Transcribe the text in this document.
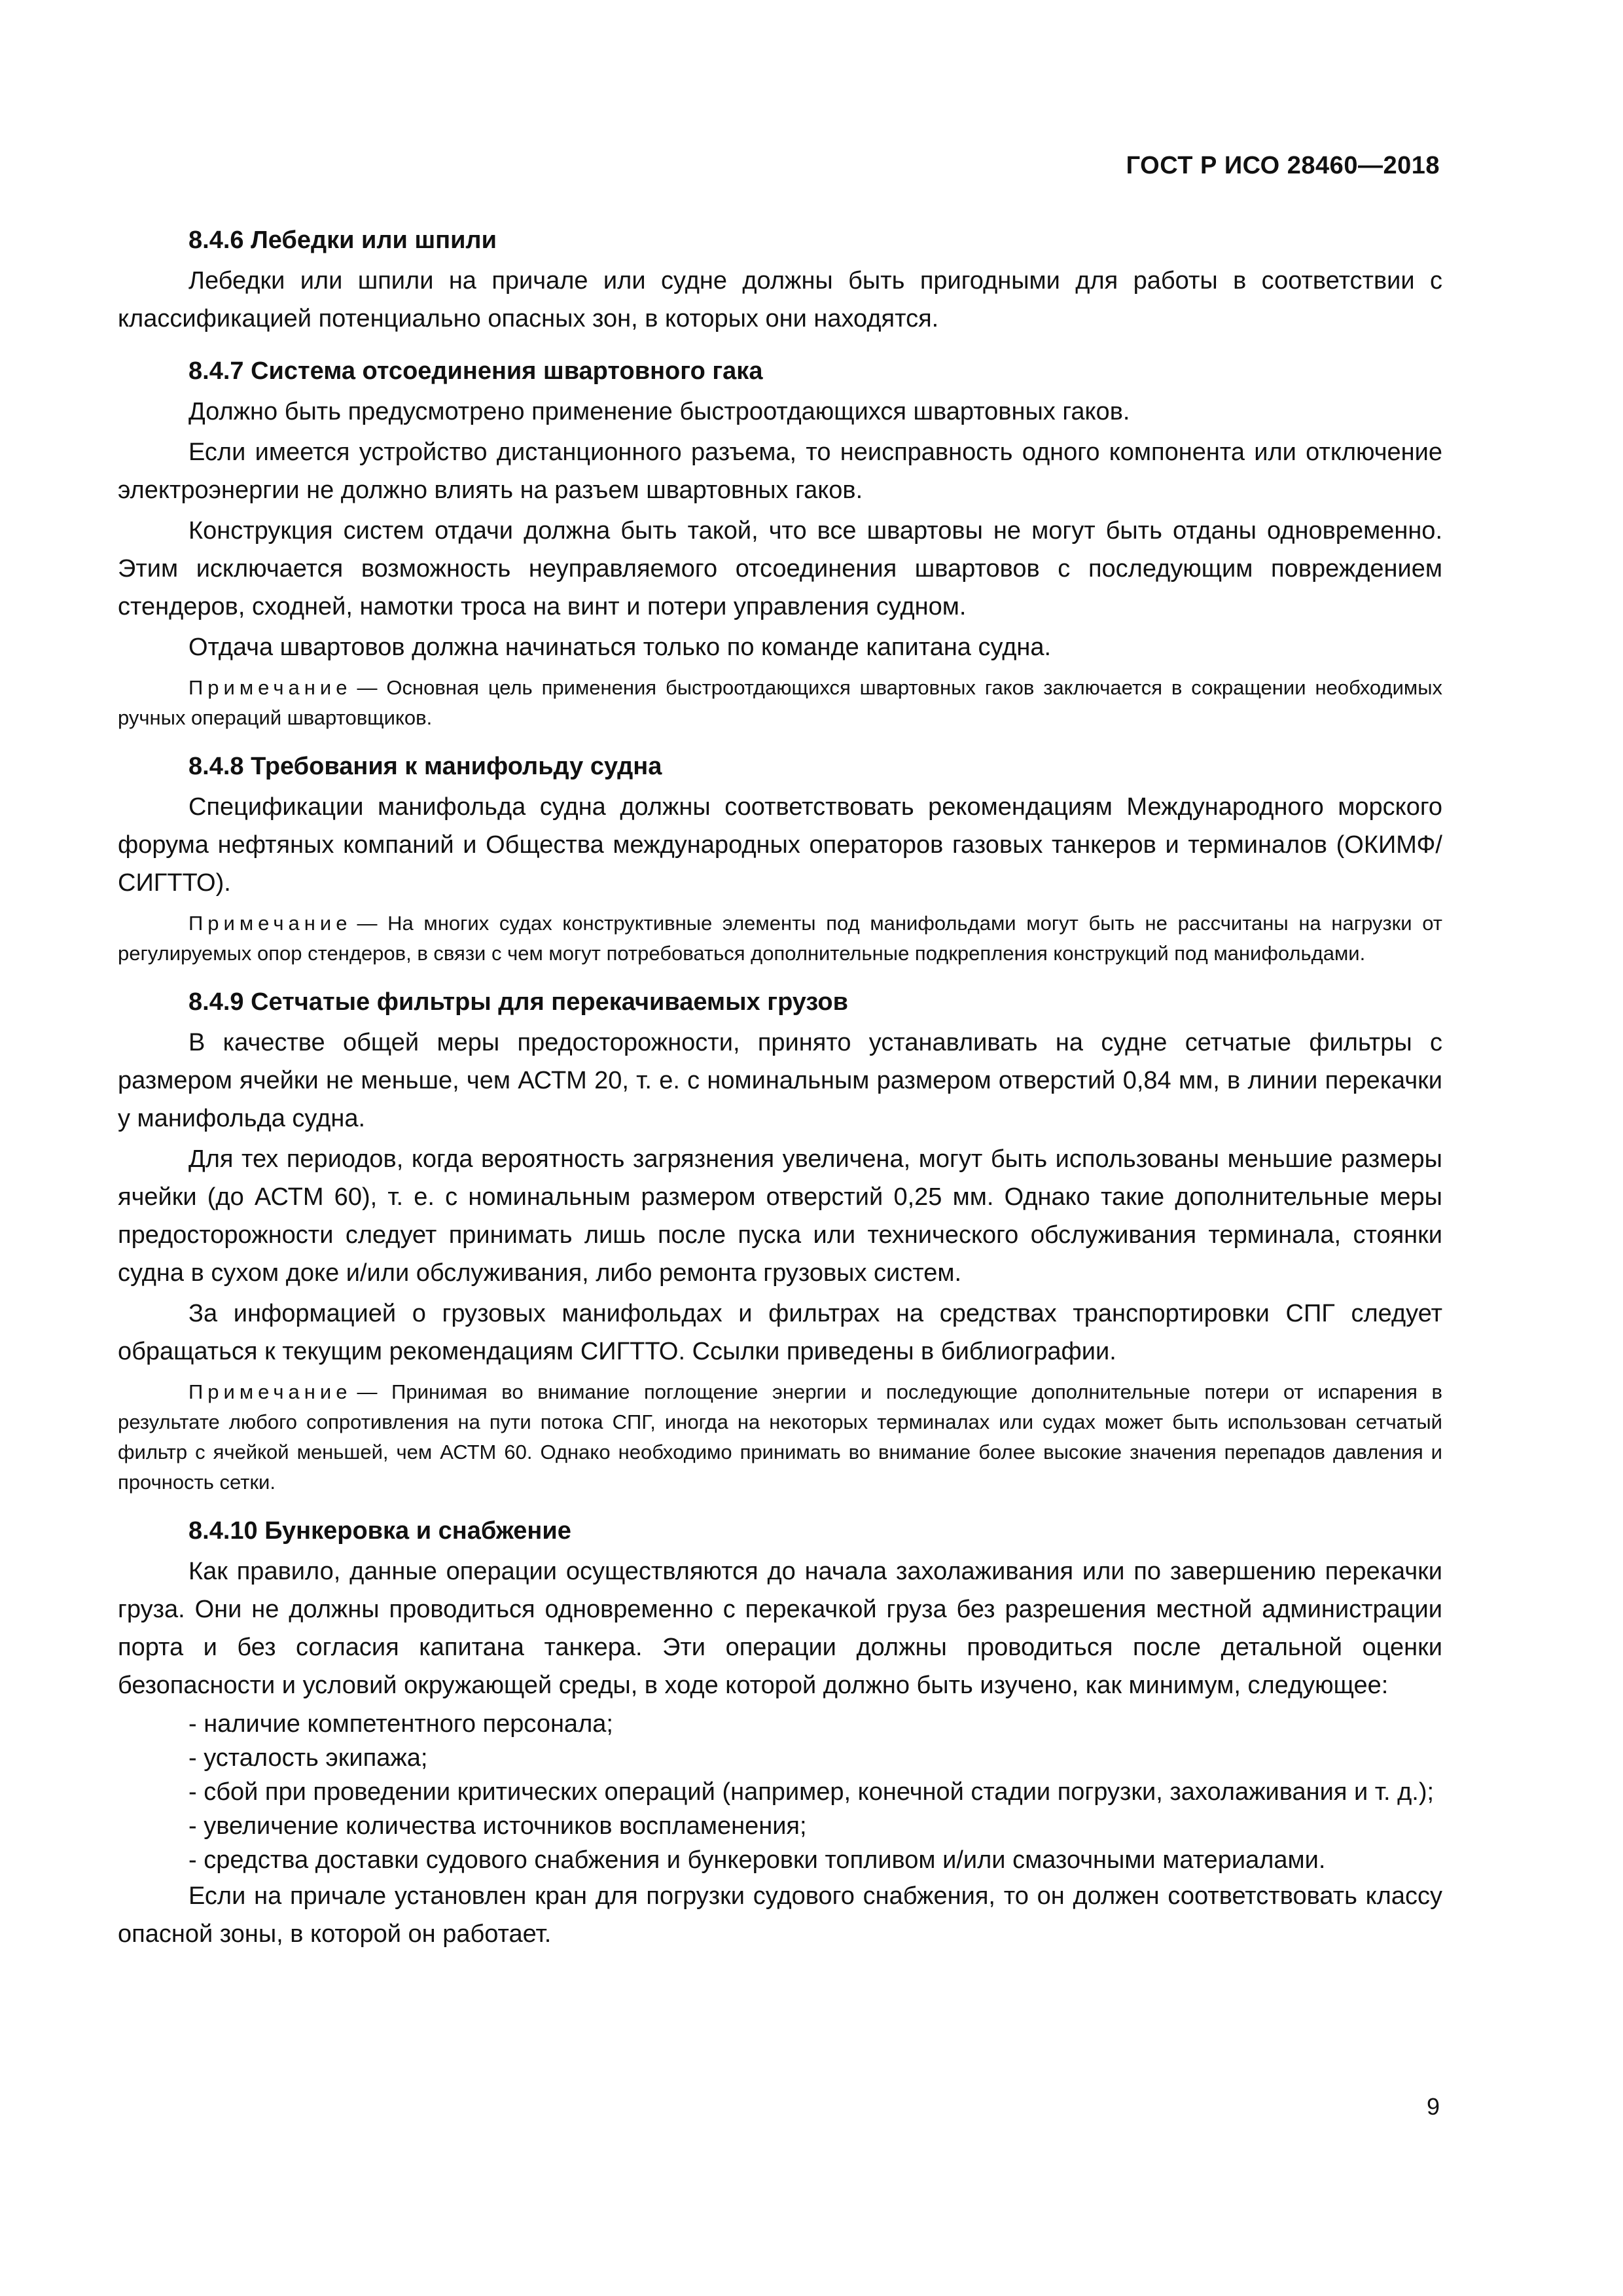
ГОСТ Р ИСО 28460—2018
8.4.6 Лебедки или шпили

Лебедки или шпили на причале или судне должны быть пригодными для работы в соответствии с классификацией потенциально опасных зон, в которых они находятся.

8.4.7 Система отсоединения швартовного гака

Должно быть предусмотрено применение быстроотдающихся швартовных гаков.

Если имеется устройство дистанционного разъема, то неисправность одного компонента или отключение электроэнергии не должно влиять на разъем швартовных гаков.

Конструкция систем отдачи должна быть такой, что все швартовы не могут быть отданы одновременно. Этим исключается возможность неуправляемого отсоединения швартовов с последующим повреждением стендеров, сходней, намотки троса на винт и потери управления судном.

Отдача швартовов должна начинаться только по команде капитана судна.

Примечание — Основная цель применения быстроотдающихся швартовных гаков заключается в сокращении необходимых ручных операций швартовщиков.

8.4.8 Требования к манифольду судна

Спецификации манифольда судна должны соответствовать рекомендациям Международного морского форума нефтяных компаний и Общества международных операторов газовых танкеров и терминалов (ОКИМФ/СИГТТО).

Примечание — На многих судах конструктивные элементы под манифольдами могут быть не рассчитаны на нагрузки от регулируемых опор стендеров, в связи с чем могут потребоваться дополнительные подкрепления конструкций под манифольдами.

8.4.9 Сетчатые фильтры для перекачиваемых грузов

В качестве общей меры предосторожности, принято устанавливать на судне сетчатые фильтры с размером ячейки не меньше, чем АСТМ 20, т. е. с номинальным размером отверстий 0,84 мм, в линии перекачки у манифольда судна.

Для тех периодов, когда вероятность загрязнения увеличена, могут быть использованы меньшие размеры ячейки (до АСТМ 60), т. е. с номинальным размером отверстий 0,25 мм. Однако такие дополнительные меры предосторожности следует принимать лишь после пуска или технического обслуживания терминала, стоянки судна в сухом доке и/или обслуживания, либо ремонта грузовых систем.

За информацией о грузовых манифольдах и фильтрах на средствах транспортировки СПГ следует обращаться к текущим рекомендациям СИГТТО. Ссылки приведены в библиографии.

Примечание — Принимая во внимание поглощение энергии и последующие дополнительные потери от испарения в результате любого сопротивления на пути потока СПГ, иногда на некоторых терминалах или судах может быть использован сетчатый фильтр с ячейкой меньшей, чем АСТМ 60. Однако необходимо принимать во внимание более высокие значения перепадов давления и прочность сетки.

8.4.10 Бункеровка и снабжение

Как правило, данные операции осуществляются до начала захолаживания или по завершению перекачки груза. Они не должны проводиться одновременно с перекачкой груза без разрешения местной администрации порта и без согласия капитана танкера. Эти операции должны проводиться после детальной оценки безопасности и условий окружающей среды, в ходе которой должно быть изучено, как минимум, следующее:

- наличие компетентного персонала;
- усталость экипажа;
- сбой при проведении критических операций (например, конечной стадии погрузки, захолаживания и т. д.);
- увеличение количества источников воспламенения;
- средства доставки судового снабжения и бункеровки топливом и/или смазочными материалами.

Если на причале установлен кран для погрузки судового снабжения, то он должен соответствовать классу опасной зоны, в которой он работает.

9
